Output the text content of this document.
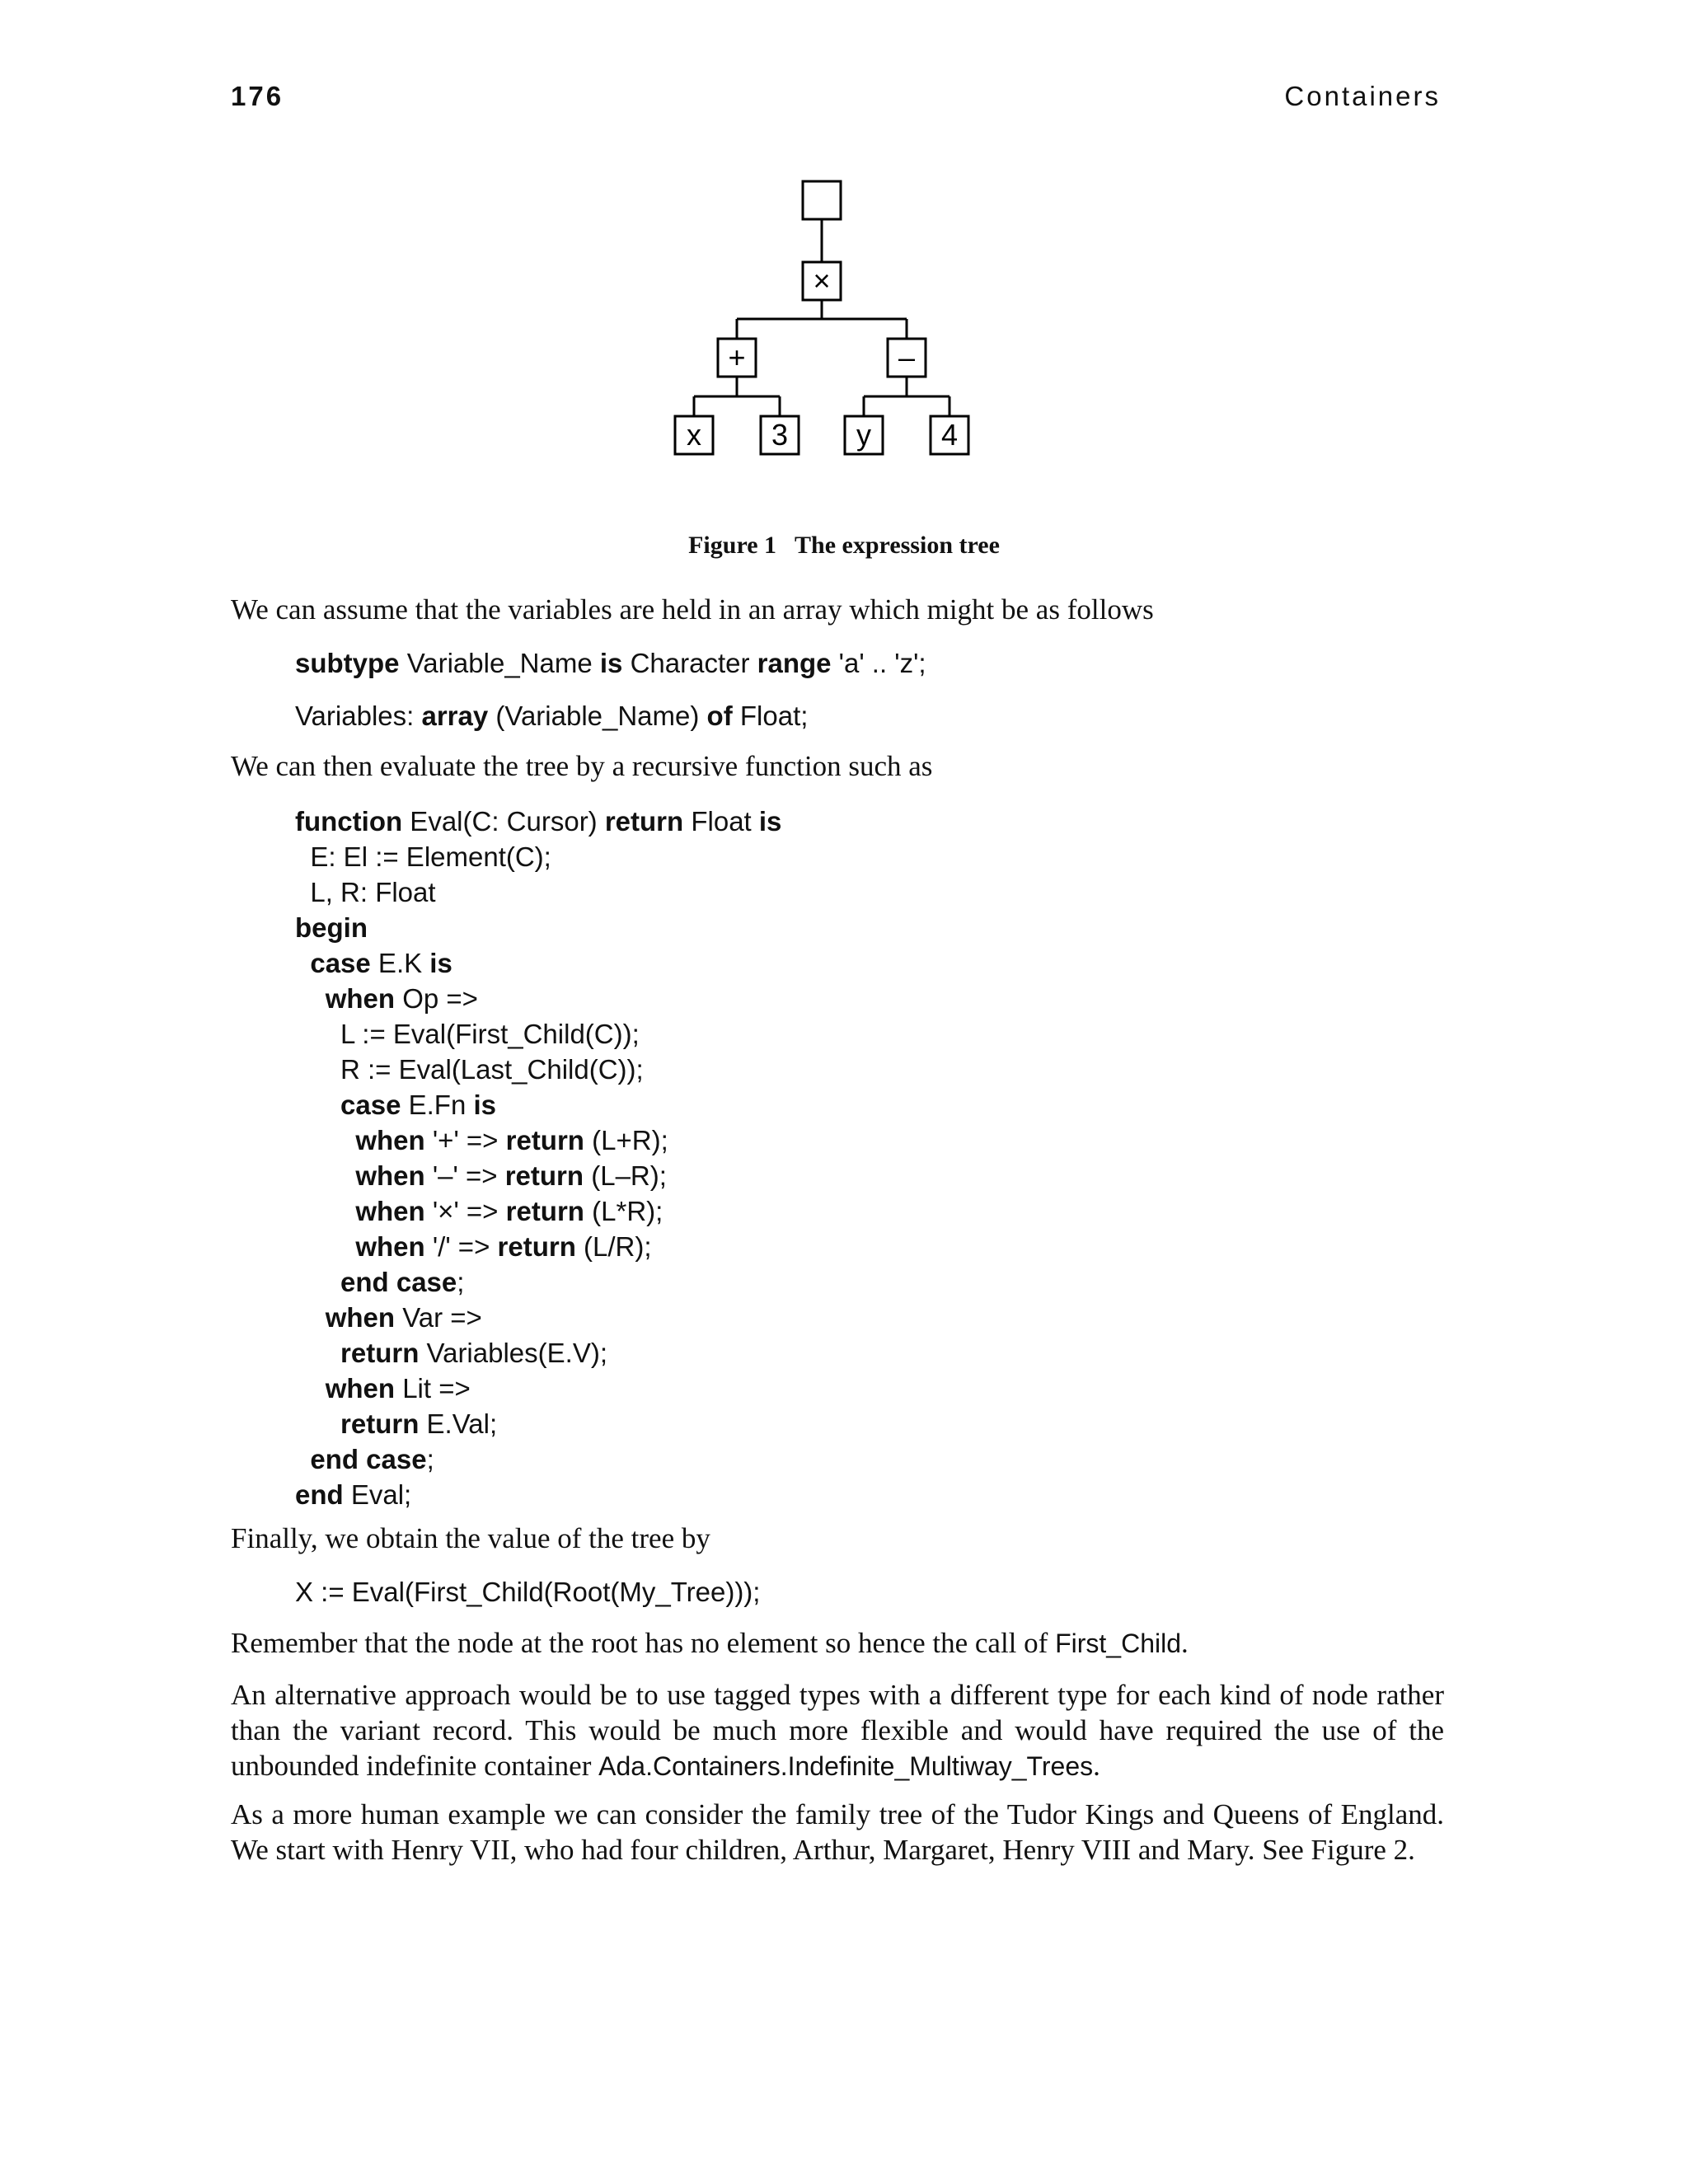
176	Containers
×
+	–
x 3 y 4
Figure 1 The expression tree
We can assume that the variables are held in an array which might be as follows
subtype Variable_Name is Character range 'a' .. 'z';
Variables: array (Variable_Name) of Float;
We can then evaluate the tree by a recursive function such as
function Eval(C: Cursor) return Float is
E: El := Element(C);
L, R: Float
begin
case E.K is
when Op =>
L := Eval(First_Child(C));
R := Eval(Last_Child(C));
case E.Fn is
when '+' => return (L+R);
when '–' => return (L–R);
when '×' => return (L*R);
when '/' => return (L/R);
end case;
when Var =>
return Variables(E.V);
when Lit =>
return E.Val;
end case;
end Eval;
Finally, we obtain the value of the tree by
X := Eval(First_Child(Root(My_Tree)));
Remember that the node at the root has no element so hence the call of First_Child.
An alternative approach would be to use tagged types with a different type for each kind of node rather than the variant record. This would be much more flexible and would have required the use of the unbounded indefinite container Ada.Containers.Indefinite_Multiway_Trees.
As a more human example we can consider the family tree of the Tudor Kings and Queens of England. We start with Henry VII, who had four children, Arthur, Margaret, Henry VIII and Mary. See Figure 2.
